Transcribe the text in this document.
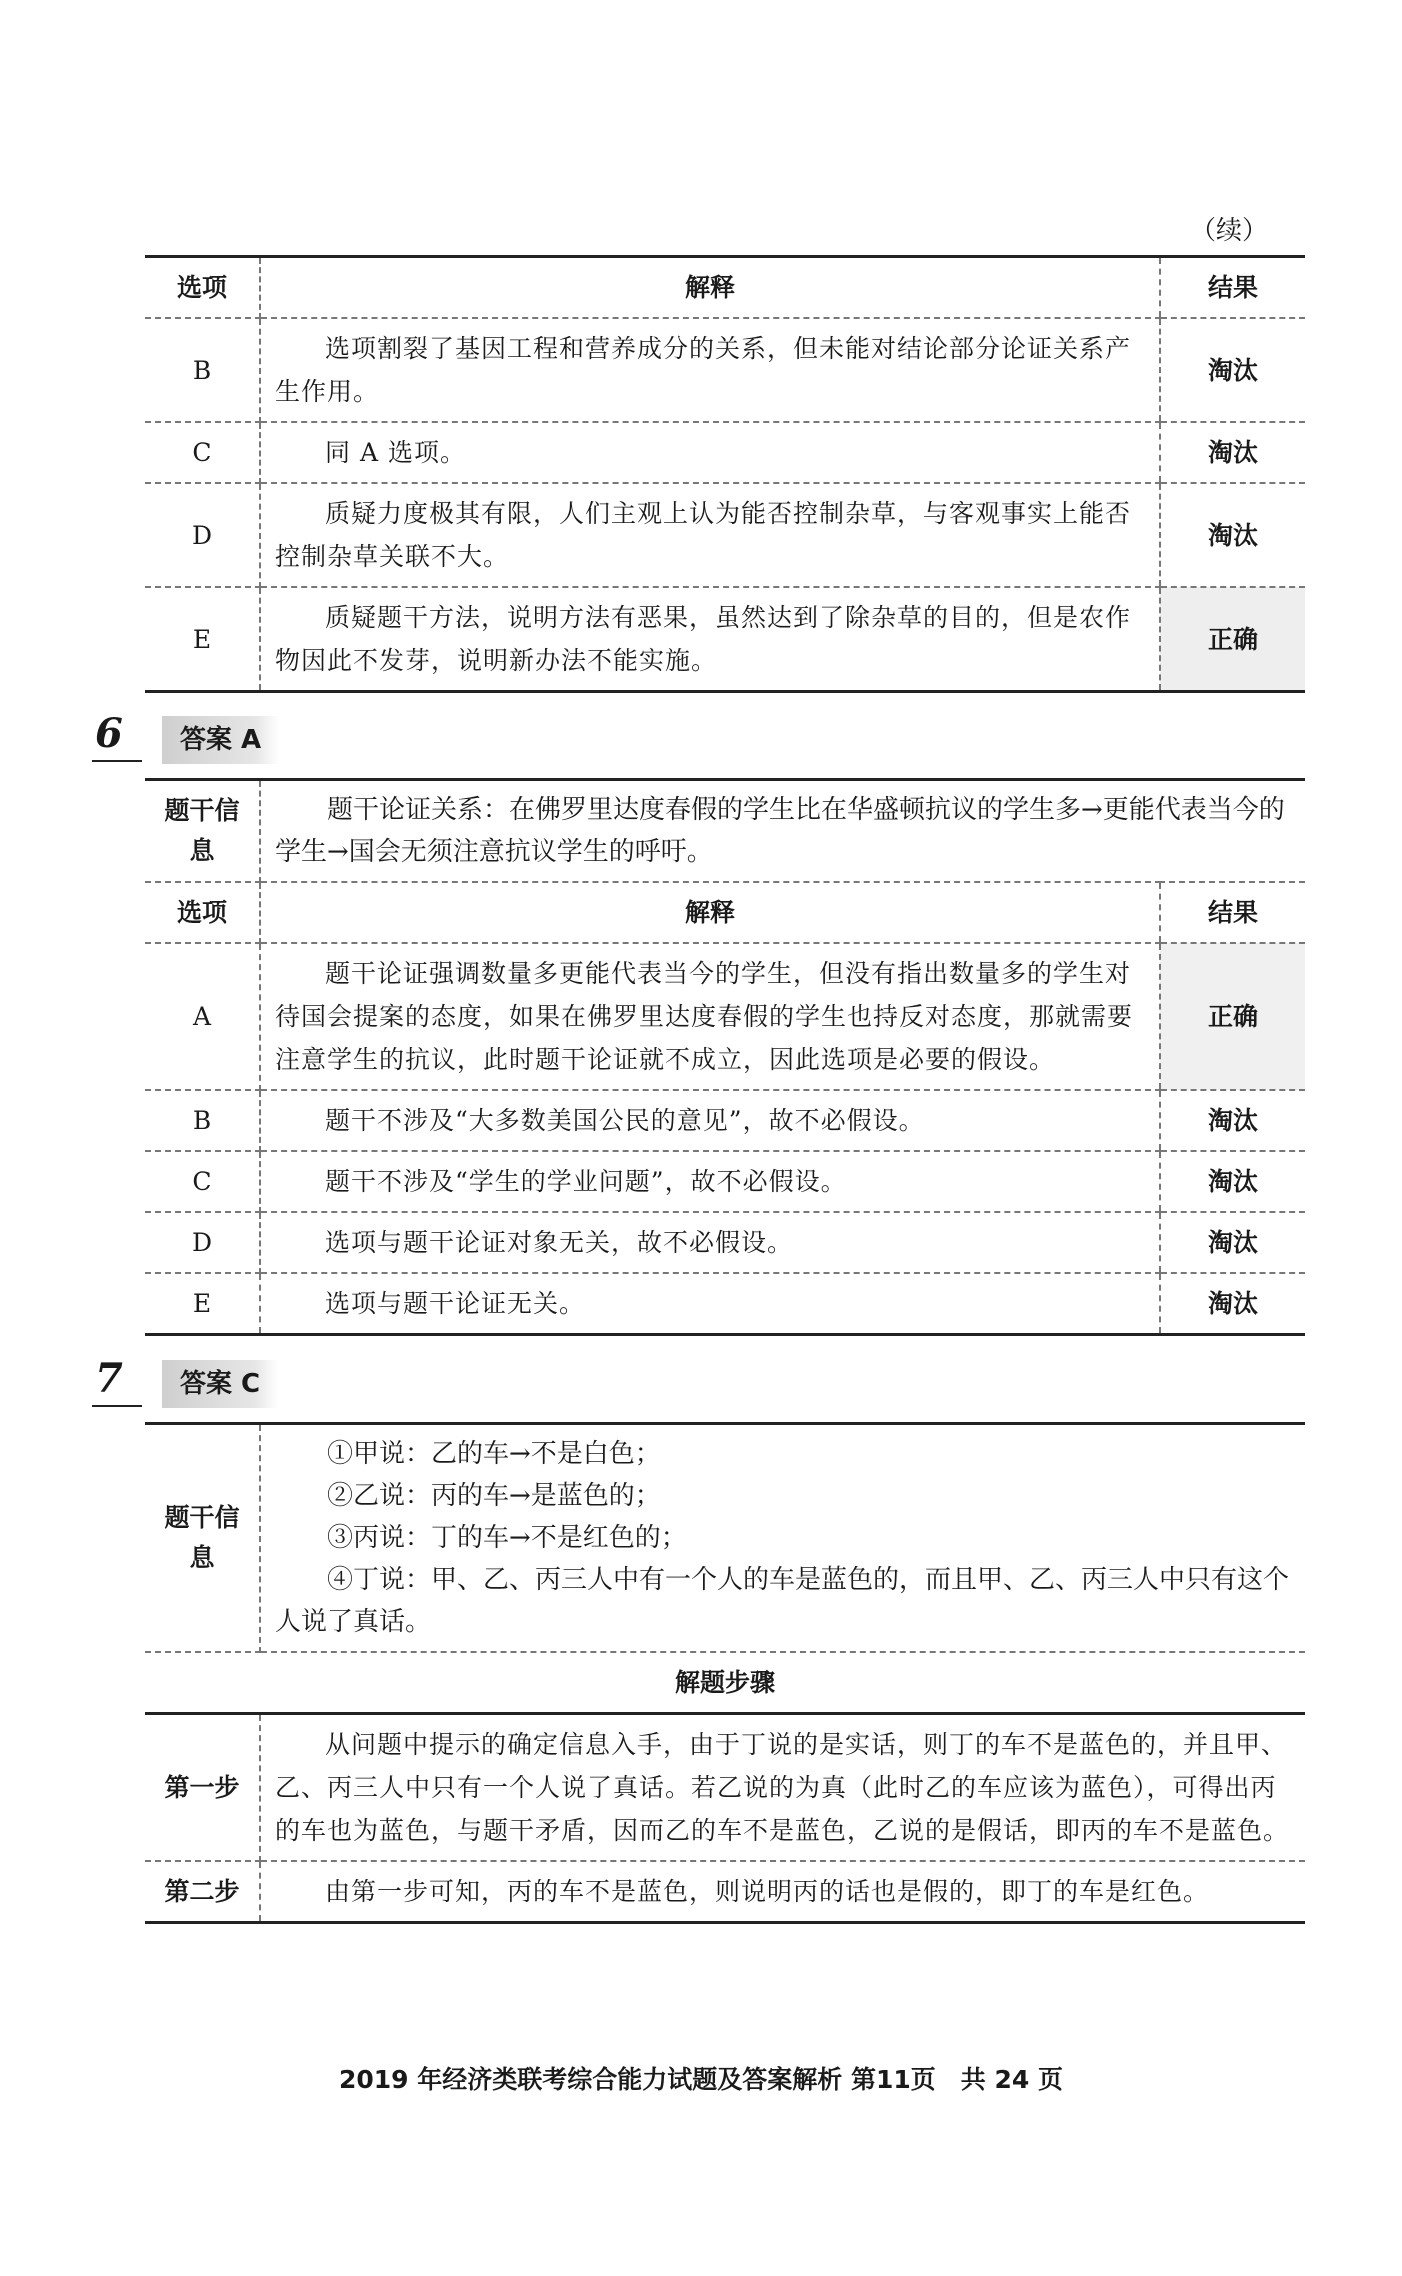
（续）
选项	解释	结果
B	选项割裂了基因工程和营养成分的关系，但未能对结论部分论证关系产生作用。	淘汰
C	同 A 选项。	淘汰
D	质疑力度极其有限，人们主观上认为能否控制杂草，与客观事实上能否控制杂草关联不大。	淘汰
E	质疑题干方法，说明方法有恶果，虽然达到了除杂草的目的，但是农作物因此不发芽，说明新办法不能实施。	正确
6	答案 A
题干信息	题干论证关系：在佛罗里达度春假的学生比在华盛顿抗议的学生多→更能代表当今的学生→国会无须注意抗议学生的呼吁。	

选项	解释	结果
A	题干论证强调数量多更能代表当今的学生，但没有指出数量多的学生对待国会提案的态度，如果在佛罗里达度春假的学生也持反对态度，那就需要注意学生的抗议，此时题干论证就不成立，因此选项是必要的假设。	正确
B	题干不涉及“大多数美国公民的意见”，故不必假设。	淘汰
C	题干不涉及“学生的学业问题”，故不必假设。	淘汰
D	选项与题干论证对象无关，故不必假设。	淘汰
E	选项与题干论证无关。	淘汰
7	答案 C
题干信息	①甲说：乙的车→不是白色；
②乙说：丙的车→是蓝色的；
③丙说：丁的车→不是红色的；
④丁说：甲、乙、丙三人中有一个人的车是蓝色的，而且甲、乙、丙三人中只有这个人说了真话。

解题步骤	
第一步	从问题中提示的确定信息入手，由于丁说的是实话，则丁的车不是蓝色的，并且甲、乙、丙三人中只有一个人说了真话。若乙说的为真（此时乙的车应该为蓝色），可得出丙的车也为蓝色，与题干矛盾，因而乙的车不是蓝色，乙说的是假话，即丙的车不是蓝色。
第二步	由第一步可知，丙的车不是蓝色，则说明丙的话也是假的，即丁的车是红色。
2019 年经济类联考综合能力试题及答案解析 第11页　共 24 页
